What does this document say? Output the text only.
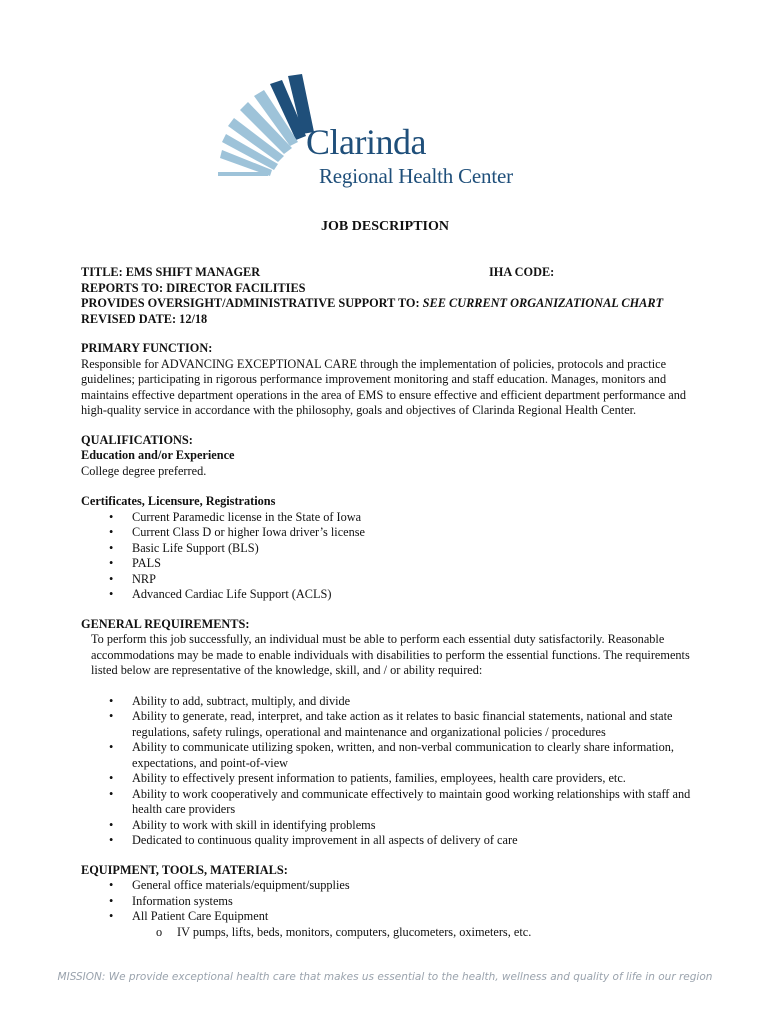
Clarinda
Regional Health Center
JOB DESCRIPTION
TITLE: EMS SHIFT MANAGER	IHA CODE:
REPORTS TO: DIRECTOR FACILITIES
PROVIDES OVERSIGHT/ADMINISTRATIVE SUPPORT TO: SEE CURRENT ORGANIZATIONAL CHART
REVISED DATE: 12/18
PRIMARY FUNCTION:

Responsible for ADVANCING EXCEPTIONAL CARE through the implementation of policies, protocols and practice guidelines; participating in rigorous performance improvement monitoring and staff education. Manages, monitors and maintains effective department operations in the area of EMS to ensure effective and efficient department performance and high-quality service in accordance with the philosophy, goals and objectives of Clarinda Regional Health Center.

QUALIFICATIONS:
Education and/or Experience
College degree preferred.
Certificates, Licensure, Registrations
• Current Paramedic license in the State of Iowa
• Current Class D or higher Iowa driver’s license
• Basic Life Support (BLS)
• PALS
• NRP
• Advanced Cardiac Life Support (ACLS)
GENERAL REQUIREMENTS:

To perform this job successfully, an individual must be able to perform each essential duty satisfactorily. Reasonable accommodations may be made to enable individuals with disabilities to perform the essential functions. The requirements listed below are representative of the knowledge, skill, and / or ability required:

• Ability to add, subtract, multiply, and divide
• Ability to generate, read, interpret, and take action as it relates to basic financial statements, national and state regulations, safety rulings, operational and maintenance and organizational policies / procedures
• Ability to communicate utilizing spoken, written, and non-verbal communication to clearly share information, expectations, and point-of-view
• Ability to effectively present information to patients, families, employees, health care providers, etc.
• Ability to work cooperatively and communicate effectively to maintain good working relationships with staff and health care providers
• Ability to work with skill in identifying problems
• Dedicated to continuous quality improvement in all aspects of delivery of care
EQUIPMENT, TOOLS, MATERIALS:
• General office materials/equipment/supplies
• Information systems
• All Patient Care Equipment
o IV pumps, lifts, beds, monitors, computers, glucometers, oximeters, etc.
MISSION: We provide exceptional health care that makes us essential to the health, wellness and quality of life in our region
